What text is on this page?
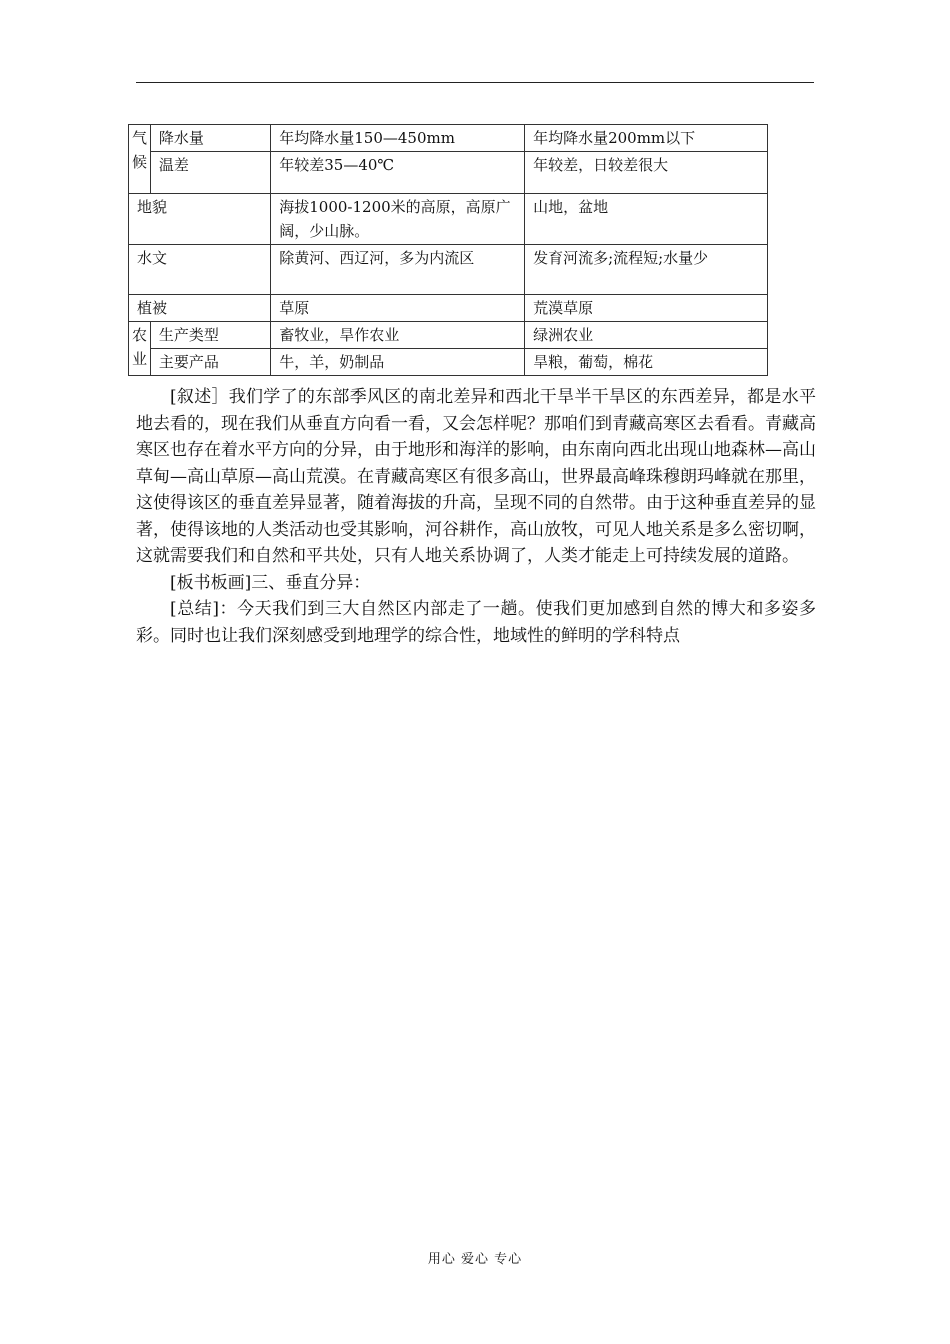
气
候	降水量	年均降水量150—450mm	年均降水量200mm以下
	温差	年较差35—40℃	年较差，日较差很大
地貌		海拔1000-1200米的高原，高原广阔，少山脉。	山地，盆地
水文		除黄河、西辽河，多为内流区	发育河流多;流程短;水量少
植被		草原	荒漠草原

农
业	生产类型	畜牧业，旱作农业	绿洲农业
	主要产品	牛，羊，奶制品	旱粮，葡萄，棉花

[叙述］我们学了的东部季风区的南北差异和西北干旱半干旱区的东西差异，都是水平地去看的，现在我们从垂直方向看一看，又会怎样呢？那咱们到青藏高寒区去看看。青藏高寒区也存在着水平方向的分异，由于地形和海洋的影响，由东南向西北出现山地森林—高山草甸—高山草原—高山荒漠。在青藏高寒区有很多高山，世界最高峰珠穆朗玛峰就在那里，这使得该区的垂直差异显著，随着海拔的升高，呈现不同的自然带。由于这种垂直差异的显著，使得该地的人类活动也受其影响，河谷耕作，高山放牧，可见人地关系是多么密切啊，这就需要我们和自然和平共处，只有人地关系协调了，人类才能走上可持续发展的道路。

[板书板画]三、垂直分异：

[总结]：今天我们到三大自然区内部走了一趟。使我们更加感到自然的博大和多姿多彩。同时也让我们深刻感受到地理学的综合性，地域性的鲜明的学科特点

用心 爱心 专心
